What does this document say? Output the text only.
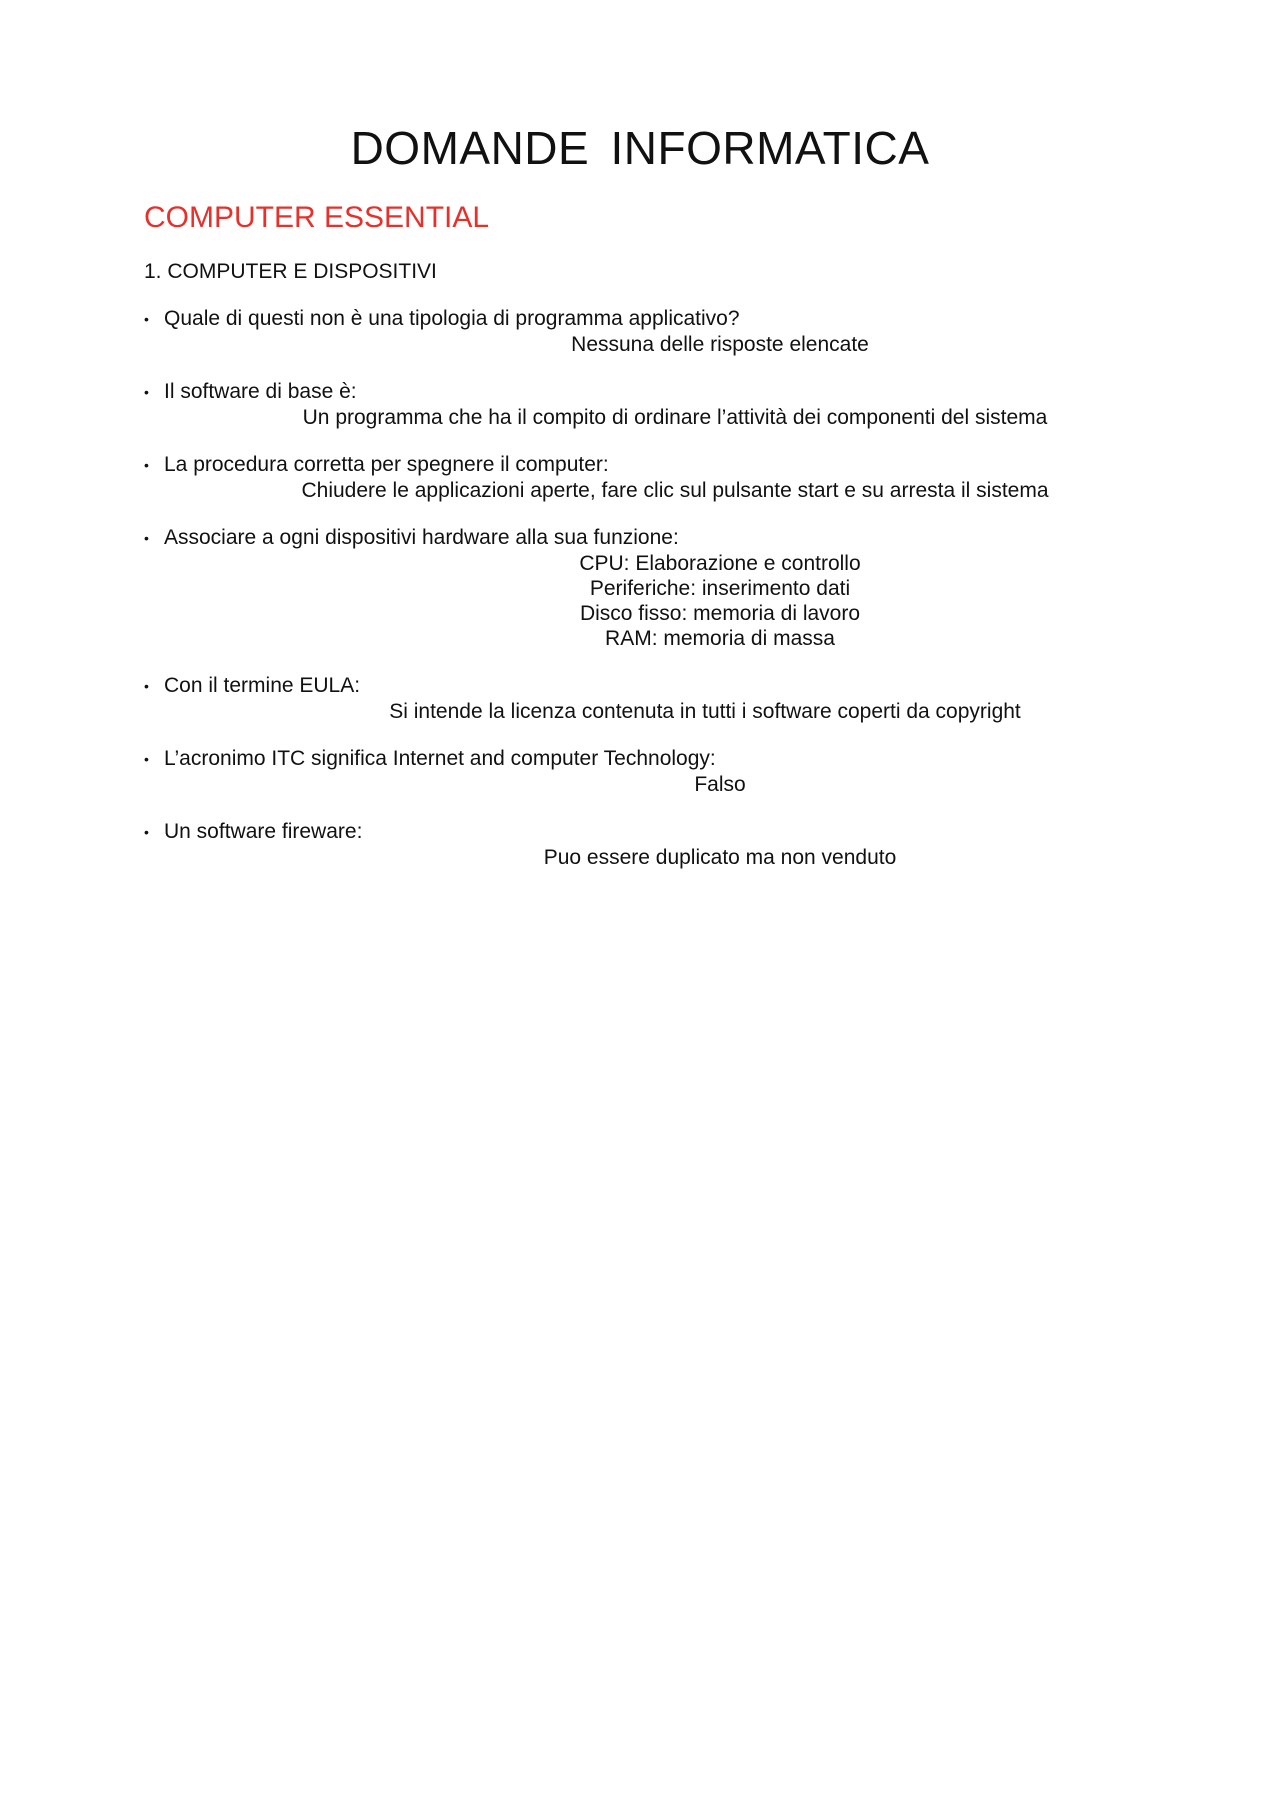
DOMANDE INFORMATICA
COMPUTER ESSENTIAL
1. COMPUTER E DISPOSITIVI
• Quale di questi non è una tipologia di programma applicativo?

Nessuna delle risposte elencate

• Il software di base è:

Un programma che ha il compito di ordinare l’attività dei componenti del sistema

• La procedura corretta per spegnere il computer:

Chiudere le applicazioni aperte, fare clic sul pulsante start e su arresta il sistema

• Associare a ogni dispositivi hardware alla sua funzione:

CPU: Elaborazione e controllo

Periferiche: inserimento dati

Disco fisso: memoria di lavoro

RAM: memoria di massa

• Con il termine EULA:

Si intende la licenza contenuta in tutti i software coperti da copyright

• L’acronimo ITC significa Internet and computer Technology:

Falso

• Un software fireware:

Puo essere duplicato ma non venduto
